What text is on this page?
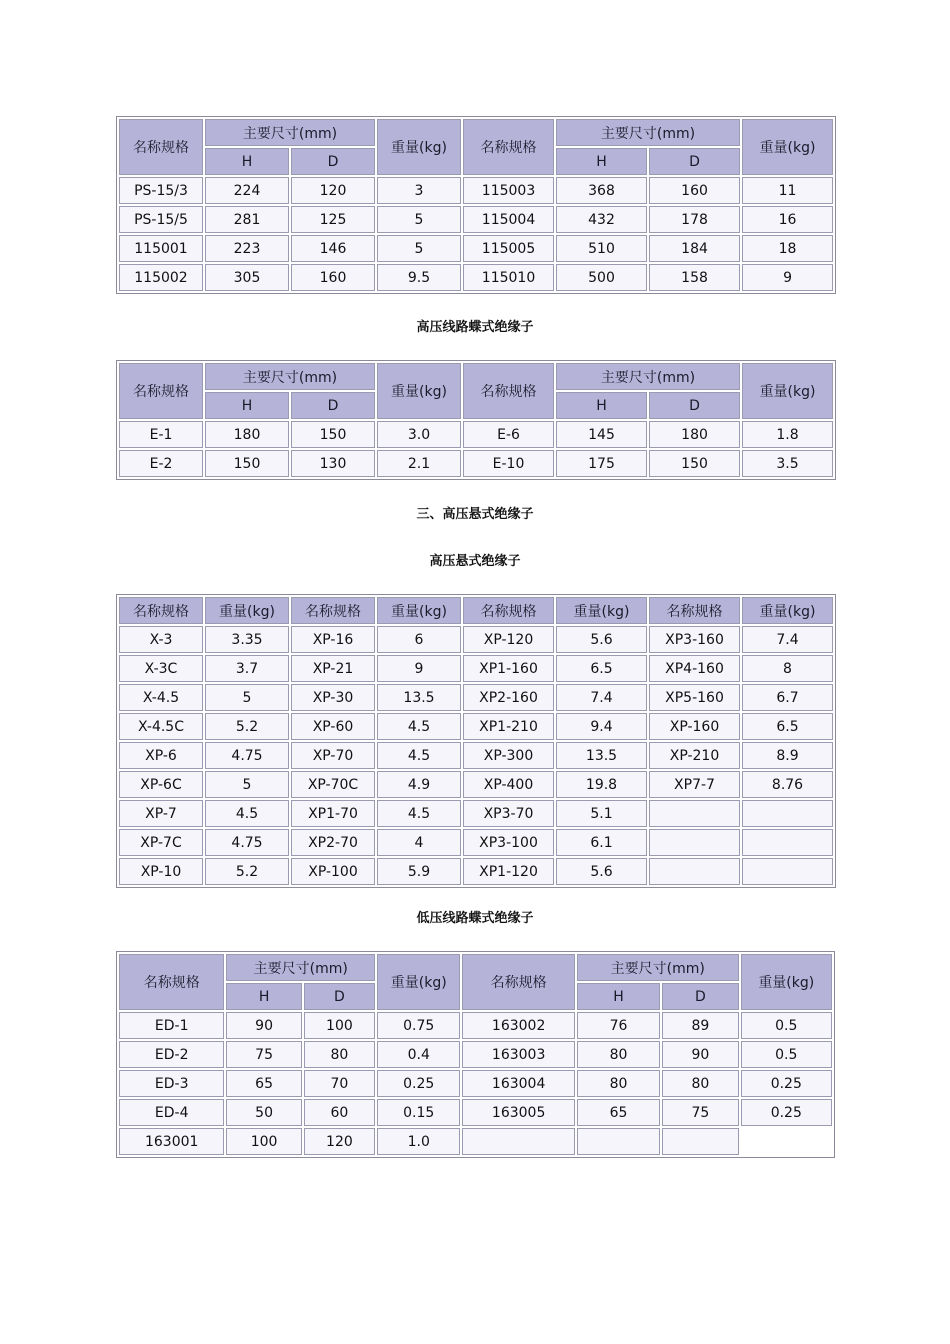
名称规格	主要尺寸(mm)		重量(kg)	名称规格	主要尺寸(mm)		重量(kg)
	H	D			H	D	
PS-15/3	224	120	3	115003	368	160	11
PS-15/5	281	125	5	115004	432	178	16
115001	223	146	5	115005	510	184	18
115002	305	160	9.5	115010	500	158	9
高压线路蝶式绝缘子
名称规格	主要尺寸(mm)		重量(kg)	名称规格	主要尺寸(mm)		重量(kg)
	H	D			H	D	
E-1	180	150	3.0	E-6	145	180	1.8
E-2	150	130	2.1	E-10	175	150	3.5
三、高压悬式绝缘子
高压悬式绝缘子
名称规格	重量(kg)	名称规格	重量(kg)	名称规格	重量(kg)	名称规格	重量(kg)
X-3	3.35	XP-16	6	XP-120	5.6	XP3-160	7.4
X-3C	3.7	XP-21	9	XP1-160	6.5	XP4-160	8
X-4.5	5	XP-30	13.5	XP2-160	7.4	XP5-160	6.7
X-4.5C	5.2	XP-60	4.5	XP1-210	9.4	XP-160	6.5
XP-6	4.75	XP-70	4.5	XP-300	13.5	XP-210	8.9
XP-6C	5	XP-70C	4.9	XP-400	19.8	XP7-7	8.76
XP-7	4.5	XP1-70	4.5	XP3-70	5.1		
XP-7C	4.75	XP2-70	4	XP3-100	6.1		
XP-10	5.2	XP-100	5.9	XP1-120	5.6		
低压线路蝶式绝缘子
名称规格	主要尺寸(mm)		重量(kg)	名称规格	主要尺寸(mm)		重量(kg)
	H	D			H	D	
ED-1	90	100	0.75	163002	76	89	0.5
ED-2	75	80	0.4	163003	80	90	0.5
ED-3	65	70	0.25	163004	80	80	0.25
ED-4	50	60	0.15	163005	65	75	0.25
163001	100	120	1.0				
